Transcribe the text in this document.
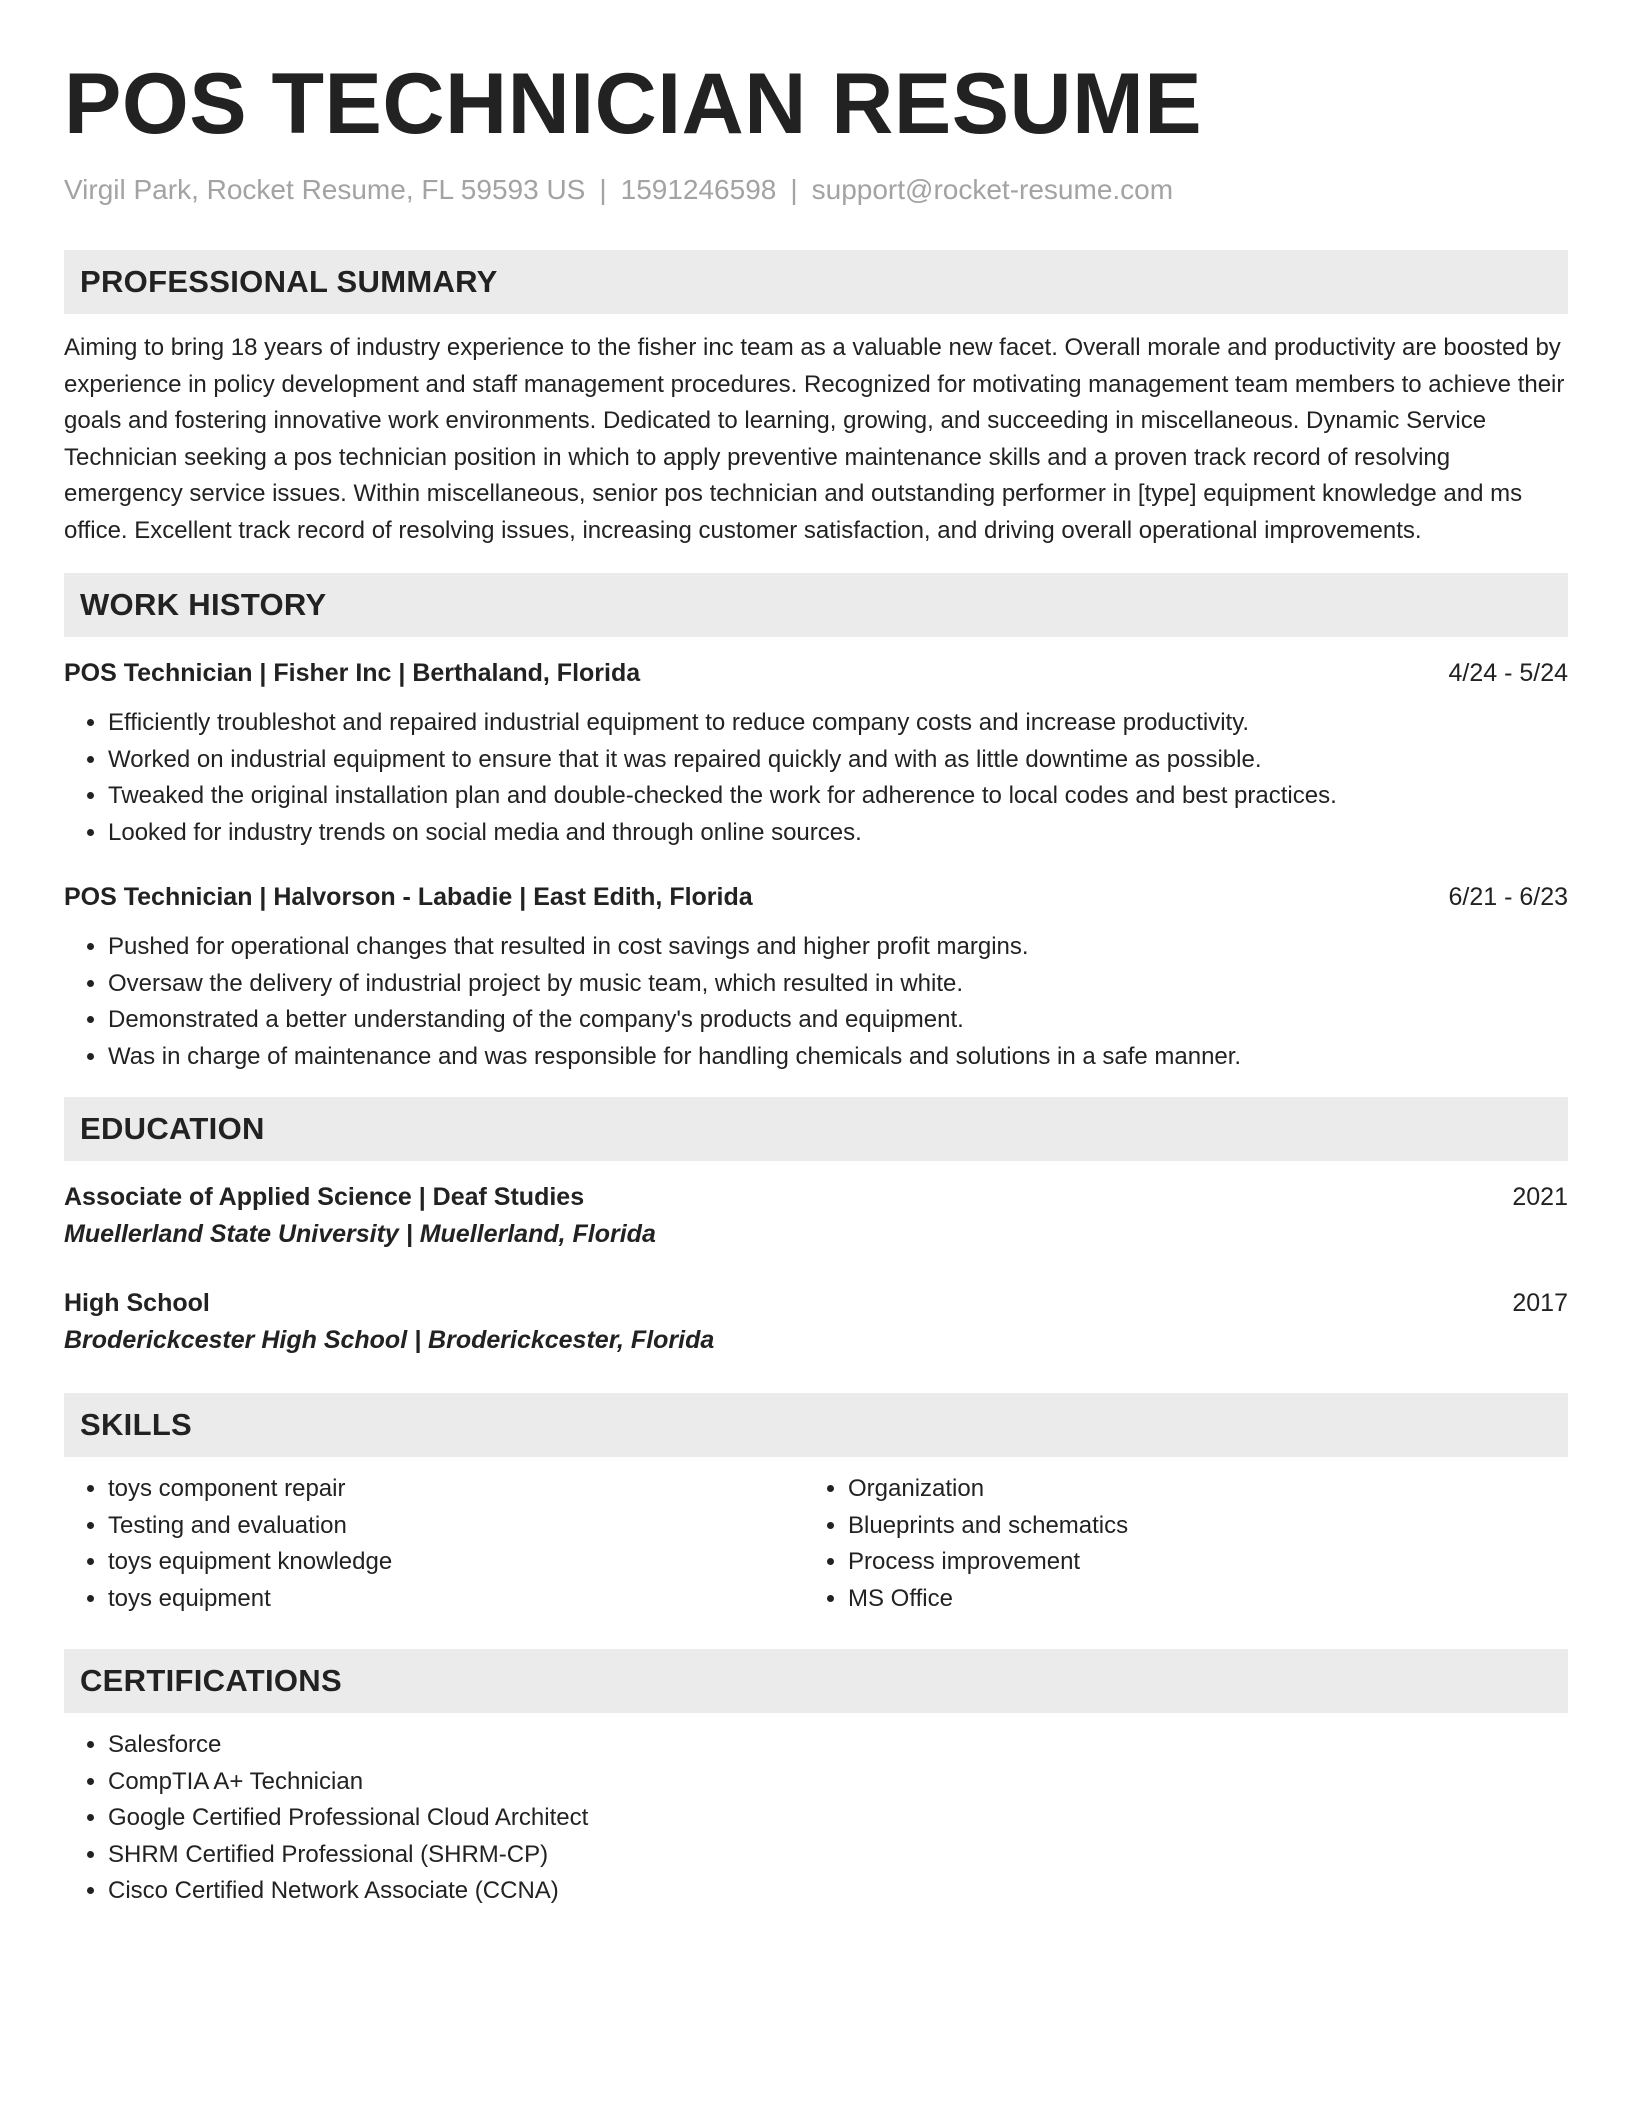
POS TECHNICIAN RESUME
Virgil Park, Rocket Resume, FL 59593 US | 1591246598 | support@rocket-resume.com
PROFESSIONAL SUMMARY

Aiming to bring 18 years of industry experience to the fisher inc team as a valuable new facet. Overall morale and productivity are boosted by experience in policy development and staff management procedures. Recognized for motivating management team members to achieve their goals and fostering innovative work environments. Dedicated to learning, growing, and succeeding in miscellaneous. Dynamic Service Technician seeking a pos technician position in which to apply preventive maintenance skills and a proven track record of resolving emergency service issues. Within miscellaneous, senior pos technician and outstanding performer in [type] equipment knowledge and ms office. Excellent track record of resolving issues, increasing customer satisfaction, and driving overall operational improvements.

WORK HISTORY
POS Technician | Fisher Inc | Berthaland, Florida	4/24 - 5/24
• Efficiently troubleshot and repaired industrial equipment to reduce company costs and increase productivity.
• Worked on industrial equipment to ensure that it was repaired quickly and with as little downtime as possible.
• Tweaked the original installation plan and double-checked the work for adherence to local codes and best practices.
• Looked for industry trends on social media and through online sources.
POS Technician | Halvorson - Labadie | East Edith, Florida	6/21 - 6/23
• Pushed for operational changes that resulted in cost savings and higher profit margins.
• Oversaw the delivery of industrial project by music team, which resulted in white.
• Demonstrated a better understanding of the company's products and equipment.
• Was in charge of maintenance and was responsible for handling chemicals and solutions in a safe manner.
EDUCATION
Associate of Applied Science | Deaf Studies	2021
Muellerland State University | Muellerland, Florida
High School	2017
Broderickcester High School | Broderickcester, Florida
SKILLS
• toys component repair
• Testing and evaluation
• toys equipment knowledge
• toys equipment
• Organization
• Blueprints and schematics
• Process improvement
• MS Office
CERTIFICATIONS
• Salesforce
• CompTIA A+ Technician
• Google Certified Professional Cloud Architect
• SHRM Certified Professional (SHRM-CP)
• Cisco Certified Network Associate (CCNA)
